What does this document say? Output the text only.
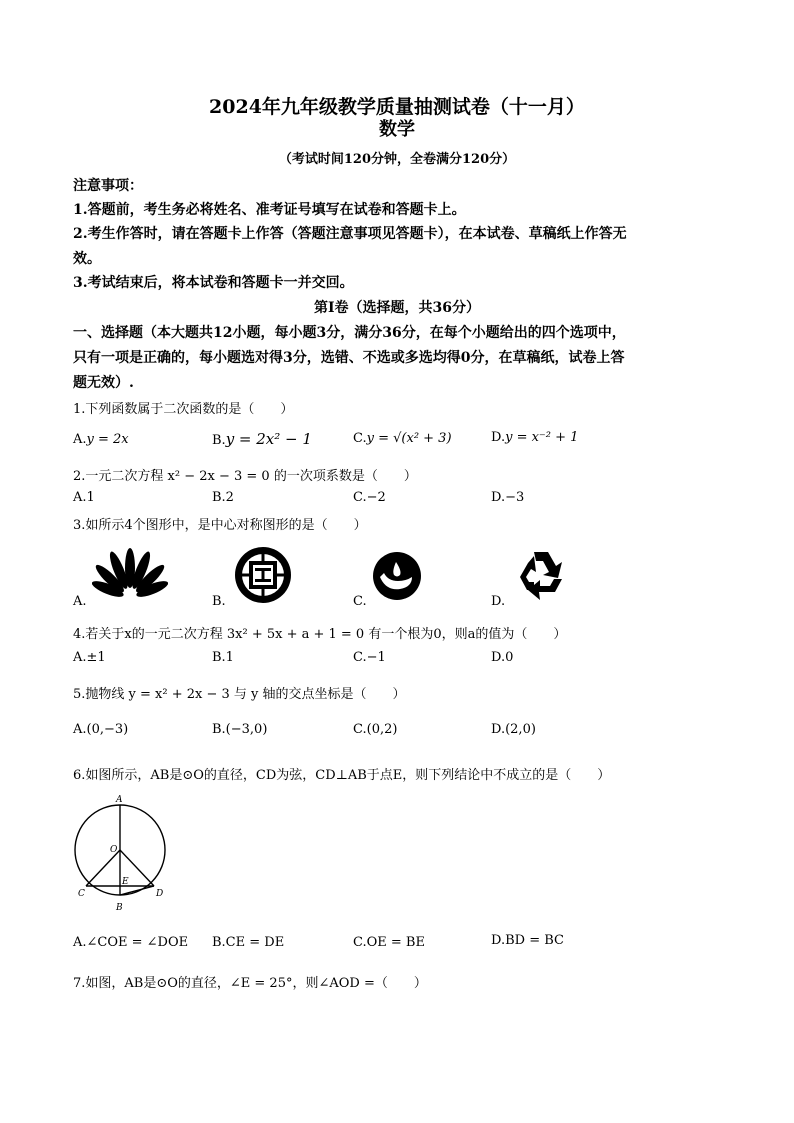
2024年九年级教学质量抽测试卷（十一月）
数学
（考试时间120分钟，全卷满分120分）
注意事项：
1.答题前，考生务必将姓名、准考证号填写在试卷和答题卡上。
2.考生作答时，请在答题卡上作答（答题注意事项见答题卡），在本试卷、草稿纸上作答无
效。
3.考试结束后，将本试卷和答题卡一并交回。
第Ⅰ卷（选择题，共36分）
一、选择题（本大题共12小题，每小题3分，满分36分，在每个小题给出的四个选项中，
只有一项是正确的，每小题选对得3分，选错、不选或多选均得0分，在草稿纸，试卷上答
题无效）.
1.下列函数属于二次函数的是（　　）
A.y = 2x	B.y = 2x² − 1	C.y = √(x² + 3)	D.y = x⁻² + 1
2.一元二次方程 x² − 2x − 3 = 0 的一次项系数是（　　）
A.1	B.2	C.−2	D.−3
3.如所示4个图形中，是中心对称图形的是（　　）
A.	B.	C.	D.
4.若关于x的一元二次方程 3x² + 5x + a + 1 = 0 有一个根为0，则a的值为（　　）
A.±1	B.1	C.−1	D.0
5.抛物线 y = x² + 2x − 3 与 y 轴的交点坐标是（　　）
A.(0,−3)	B.(−3,0)	C.(0,2)	D.(2,0)
6.如图所示，AB是⊙O的直径，CD为弦，CD⊥AB于点E，则下列结论中不成立的是（　　）
A
O
E
C	D
B
A.∠COE = ∠DOE B.CE = DE	C.OE = BE	D.BD = BC
7.如图，AB是⊙O的直径，∠E = 25°，则∠AOD =（　　）
